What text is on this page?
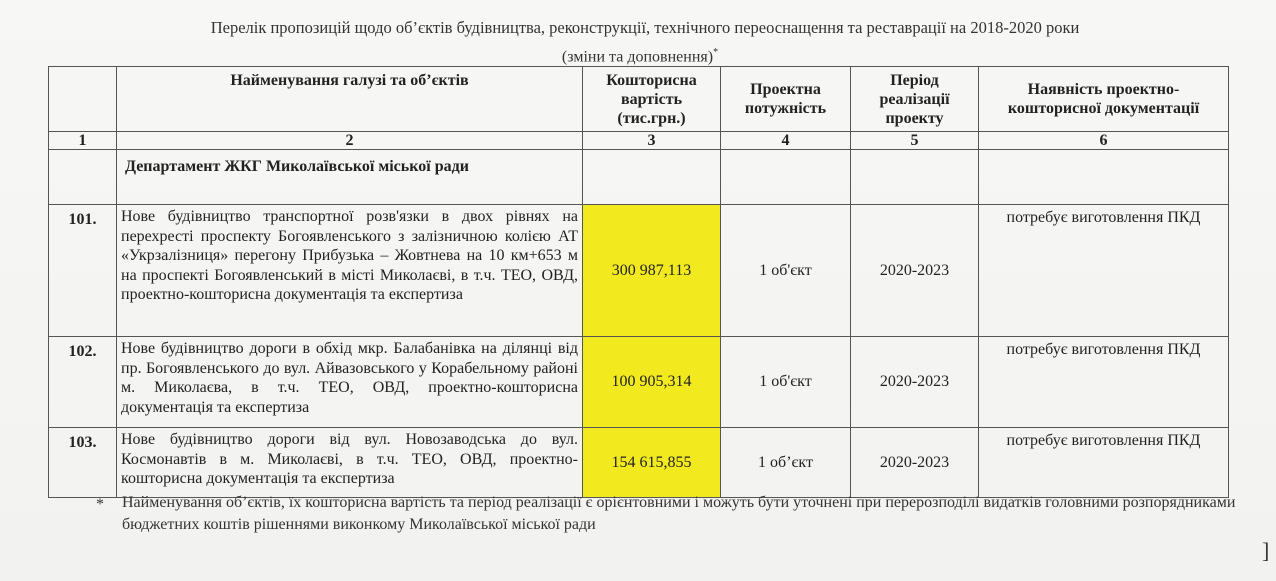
Перелік пропозицій щодо об’єктів будівництва, реконструкції, технічного переоснащення та реставрації на 2018-2020 роки
(зміни та доповнення)*
	Найменування галузі та об’єктів	Кошторисна вартість (тис.грн.)	Проектна потужність	Період реалізації проекту	Наявність проектно-кошторисної документації
1	2	3	4	5	6
	Департамент ЖКГ Миколаївської міської ради				
101.	Нове будівництво транспортної розв'язки в двох рівнях на перехресті проспекту Богоявленського з залізничною колією АТ «Укрзалізниця» перегону Прибузька – Жовтнева на 10 км+653 м на проспекті Богоявленський в місті Миколаєві, в т.ч. ТЕО, ОВД, проектно-кошторисна документація та експертиза	300 987,113	1 об'єкт	2020-2023	потребує виготовлення ПКД
102.	Нове будівництво дороги в обхід мкр. Балабанівка на ділянці від пр. Богоявленського до вул. Айвазовського у Корабельному районі м. Миколаєва, в т.ч. ТЕО, ОВД, проектно-кошторисна документація та експертиза	100 905,314	1 об'єкт	2020-2023	потребує виготовлення ПКД
103.	Нове будівництво дороги від вул. Новозаводська до вул. Космонавтів в м. Миколаєві, в т.ч. ТЕО, ОВД, проектно-кошторисна документація та експертиза	154 615,855	1 об’єкт	2020-2023	потребує виготовлення ПКД
* Найменування об’єктів, їх кошторисна вартість та період реалізації є орієнтовними і можуть бути уточнені при перерозподілі видатків головними розпорядниками бюджетних коштів рішеннями виконкому Миколаївської міської ради
]
